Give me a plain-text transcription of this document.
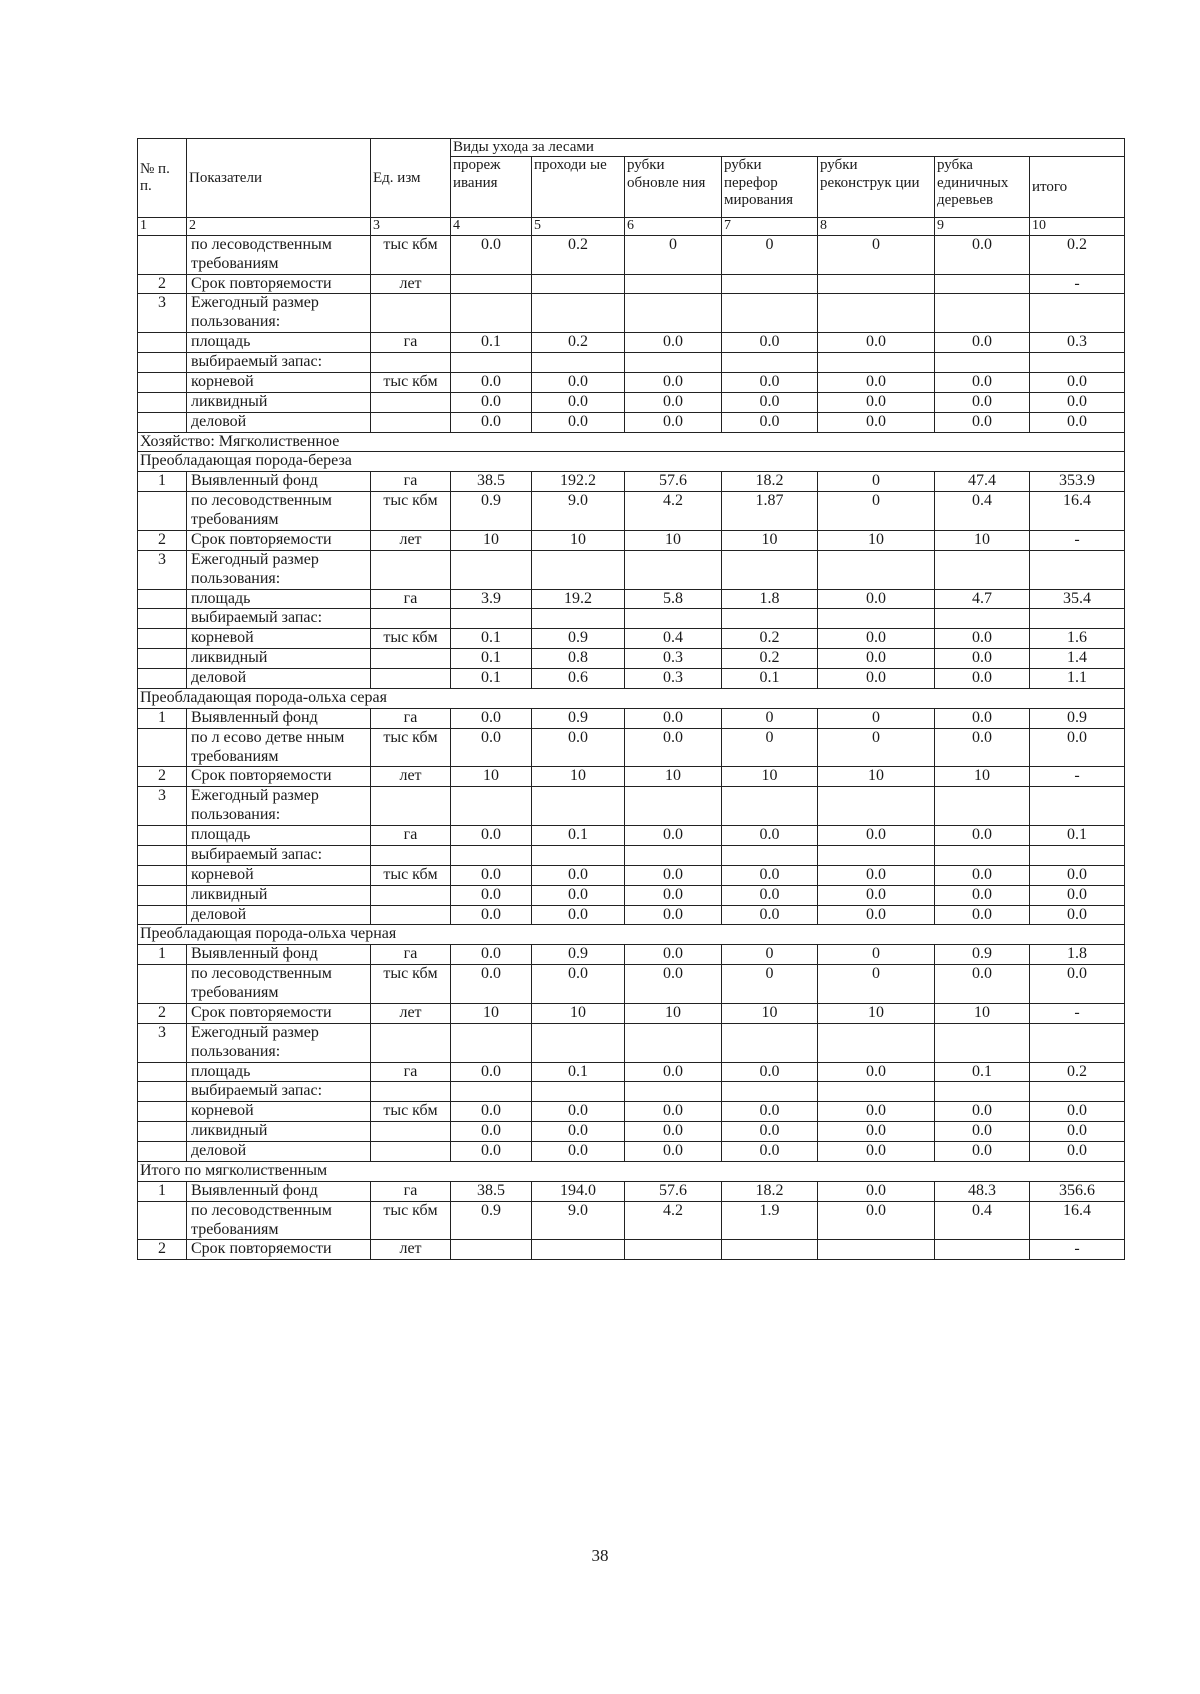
№ п. п.	Показатели	Ед. изм	Виды ухода за лесами						
			прореж ивания	проходи ые	рубки обновле ния	рубки перефор мирования	рубки реконструк ции	рубка единичных деревьев	итого
1	2	3	4	5	6	7	8	9	10
	по лесоводственным требованиям	тыс кбм	0.0	0.2	0	0	0	0.0	0.2
2	Срок повторяемости	лет							-
3	Ежегодный размер пользования:								
	площадь	га	0.1	0.2	0.0	0.0	0.0	0.0	0.3
	выбираемый запас:								
	корневой	тыс кбм	0.0	0.0	0.0	0.0	0.0	0.0	0.0
	ликвидный		0.0	0.0	0.0	0.0	0.0	0.0	0.0
	деловой		0.0	0.0	0.0	0.0	0.0	0.0	0.0
Хозяйство: Мягколиственное									
Преобладающая порода-береза									
1	Выявленный фонд	га	38.5	192.2	57.6	18.2	0	47.4	353.9
	по лесоводственным требованиям	тыс кбм	0.9	9.0	4.2	1.87	0	0.4	16.4
2	Срок повторяемости	лет	10	10	10	10	10	10	-
3	Ежегодный размер пользования:								
	площадь	га	3.9	19.2	5.8	1.8	0.0	4.7	35.4
	выбираемый запас:								
	корневой	тыс кбм	0.1	0.9	0.4	0.2	0.0	0.0	1.6
	ликвидный		0.1	0.8	0.3	0.2	0.0	0.0	1.4
	деловой		0.1	0.6	0.3	0.1	0.0	0.0	1.1
Преобладающая порода-ольха серая									
1	Выявленный фонд	га	0.0	0.9	0.0	0	0	0.0	0.9
	по л есово детве нным требованиям	тыс кбм	0.0	0.0	0.0	0	0	0.0	0.0
2	Срок повторяемости	лет	10	10	10	10	10	10	-
3	Ежегодный размер пользования:								
	площадь	га	0.0	0.1	0.0	0.0	0.0	0.0	0.1
	выбираемый запас:								
	корневой	тыс кбм	0.0	0.0	0.0	0.0	0.0	0.0	0.0
	ликвидный		0.0	0.0	0.0	0.0	0.0	0.0	0.0
	деловой		0.0	0.0	0.0	0.0	0.0	0.0	0.0
Преобладающая порода-ольха черная									
1	Выявленный фонд	га	0.0	0.9	0.0	0	0	0.9	1.8
	по лесоводственным требованиям	тыс кбм	0.0	0.0	0.0	0	0	0.0	0.0
2	Срок повторяемости	лет	10	10	10	10	10	10	-
3	Ежегодный размер пользования:								
	площадь	га	0.0	0.1	0.0	0.0	0.0	0.1	0.2
	выбираемый запас:								
	корневой	тыс кбм	0.0	0.0	0.0	0.0	0.0	0.0	0.0
	ликвидный		0.0	0.0	0.0	0.0	0.0	0.0	0.0
	деловой		0.0	0.0	0.0	0.0	0.0	0.0	0.0
Итого по мягколиственным									
1	Выявленный фонд	га	38.5	194.0	57.6	18.2	0.0	48.3	356.6
	по лесоводственным требованиям	тыс кбм	0.9	9.0	4.2	1.9	0.0	0.4	16.4
2	Срок повторяемости	лет							-
38
